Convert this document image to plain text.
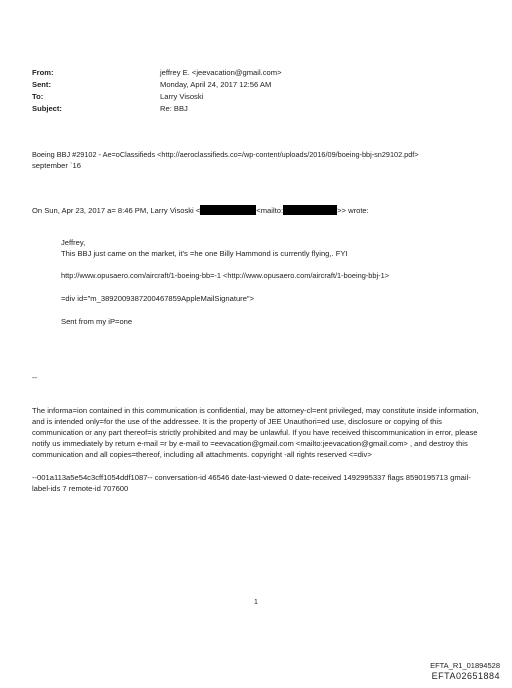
From:	jeffrey E. <jeevacation@gmail.com>
Sent:	Monday, April 24, 2017 12:56 AM
To:	Larry Visoski
Subject:	Re: BBJ
Boeing BBJ #29102 - Ae=oClassifieds <http://aeroclassifieds.co=/wp-content/uploads/2016/09/boeing-bbj-sn29102.pdf>
september `16
On Sun, Apr 23, 2017 a= 8:46 PM, Larry Visoski <	<mailto:	>> wrote:
Jeffrey,
This BBJ just came on the market, it's =he one Billy Hammond is currently flying,. FYI
http://www.opusaero.com/aircraft/1-boeing-bb=-1 <http://www.opusaero.com/aircraft/1-boeing-bbj-1>
=div id="m_3892009387200467859AppleMailSignature">
Sent from my iP=one
--
The informa=ion contained in this communication is confidential, may be attorney-cl=ent privileged, may constitute inside information, and is intended only=for the use of the addressee. It is the property of JEE Unauthori=ed use, disclosure or copying of this communication or any part thereof=is strictly prohibited and may be unlawful. If you have received thiscommunication in error, please notify us immediately by return e-mail =r by e-mail to =eevacation@gmail.com <mailto:jeevacation@gmail.com> , and destroy this communication and all copies=thereof, including all attachments. copyright -all rights reserved <=div>
--001a113a5e54c3cff1054ddf1087-- conversation-id 46546 date-last-viewed 0 date-received 1492995337 flags 8590195713 gmail-label-ids 7 remote-id 707600
1
EFTA_R1_01894528
EFTA02651884
